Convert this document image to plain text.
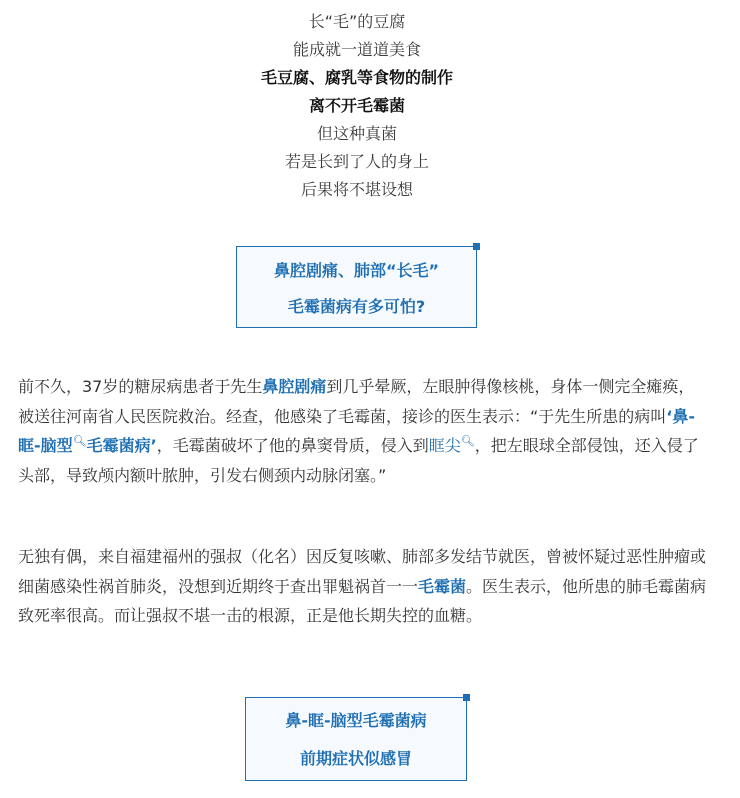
长“毛”的豆腐
能成就一道道美食
毛豆腐、腐乳等食物的制作
离不开毛霉菌
但这种真菌
若是长到了人的身上
后果将不堪设想
鼻腔剧痛、肺部“长毛”
毛霉菌病有多可怕?

前不久，37岁的糖尿病患者于先生鼻腔剧痛到几乎晕厥，左眼肿得像核桃，身体一侧完全瘫痪，被送往河南省人民医院救治。经查，他感染了毛霉菌，接诊的医生表示：“于先生所患的病叫‘鼻-眶-脑型🔍︎毛霉菌病’，毛霉菌破坏了他的鼻窦骨质，侵入到眶尖🔍︎，把左眼球全部侵蚀，还入侵了头部，导致颅内额叶脓肿，引发右侧颈内动脉闭塞。”

无独有偶，来自福建福州的强叔（化名）因反复咳嗽、肺部多发结节就医，曾被怀疑过恶性肿瘤或细菌感染性祸首肺炎，没想到近期终于查出罪魁祸首一一毛霉菌。医生表示，他所患的肺毛霉菌病致死率很高。而让强叔不堪一击的根源，正是他长期失控的血糖。

鼻-眶-脑型毛霉菌病
前期症状似感冒
